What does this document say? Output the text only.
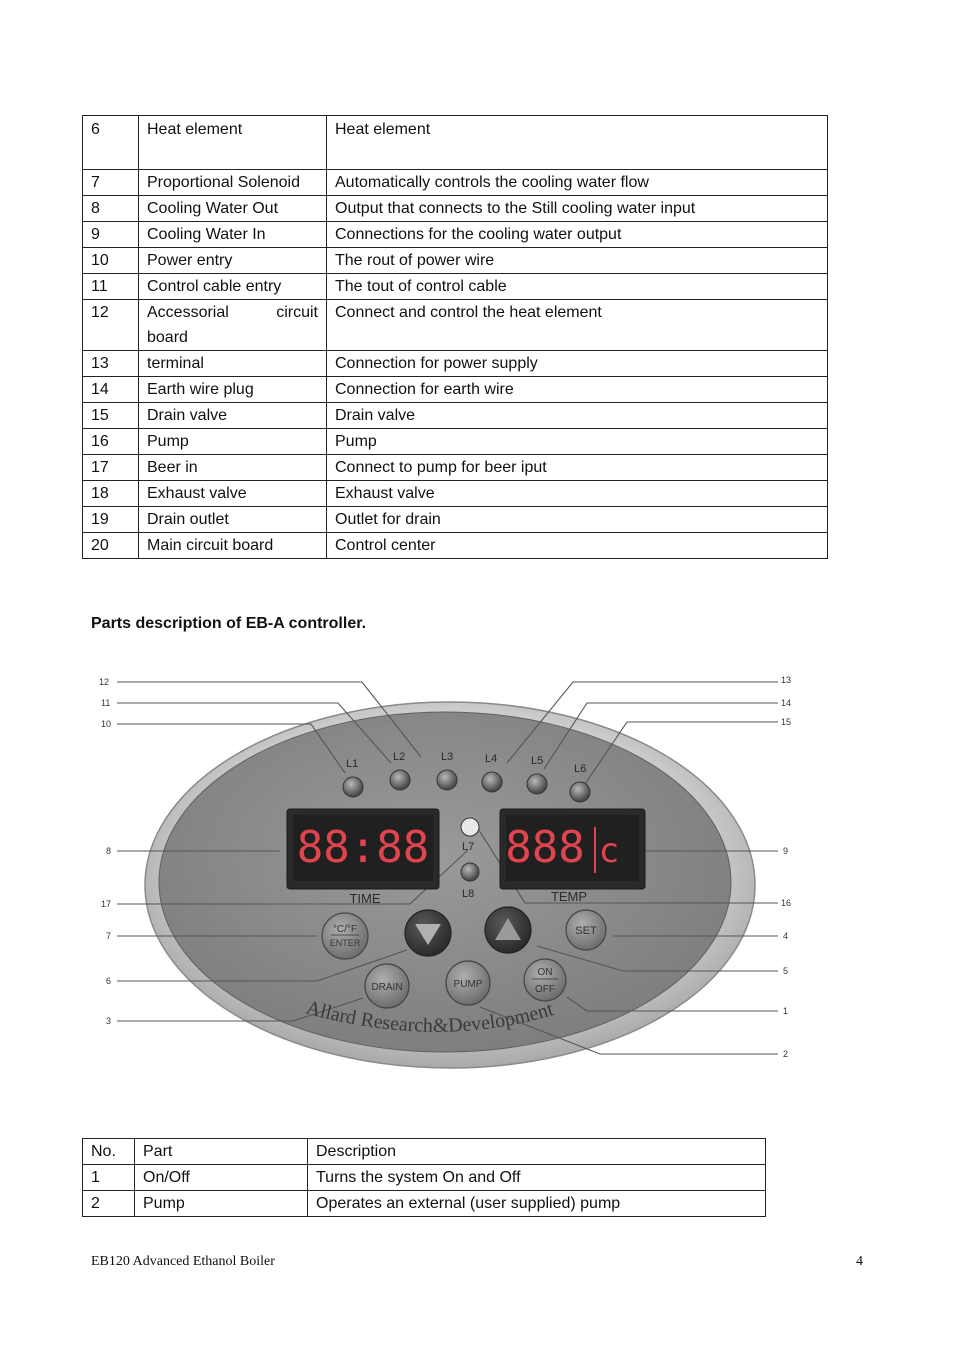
6	Heat element	Heat element
7	Proportional Solenoid	Automatically controls the cooling water flow
8	Cooling Water Out	Output that connects to the Still cooling water input
9	Cooling Water In	Connections for the cooling water output
10	Power entry	The rout of power wire
11	Control cable entry	The tout of control cable
12	Accessorial circuit board	Connect and control the heat element
13	terminal	Connection for power supply
14	Earth wire plug	Connection for earth wire
15	Drain valve	Drain valve
16	Pump	Pump
17	Beer in	Connect to pump for beer iput
18	Exhaust valve	Exhaust valve
19	Drain outlet	Outlet for drain
20	Main circuit board	Control center
Parts description of EB-A controller.
12
11
10
8
17
7
6
3
13
14
15
9
16
4
5
1
2
L1
L2	L3	L4	L5
L6
L7
L8
88:88
TIME
888 c
TEMP
°C/°F
ENTER
SET
DRAIN	PUMP
ON
OFF
Allard Research&Development
No.	Part	Description
1	On/Off	Turns the system On and Off
2	Pump	Operates an external (user supplied) pump
EB120 Advanced Ethanol Boiler	4
